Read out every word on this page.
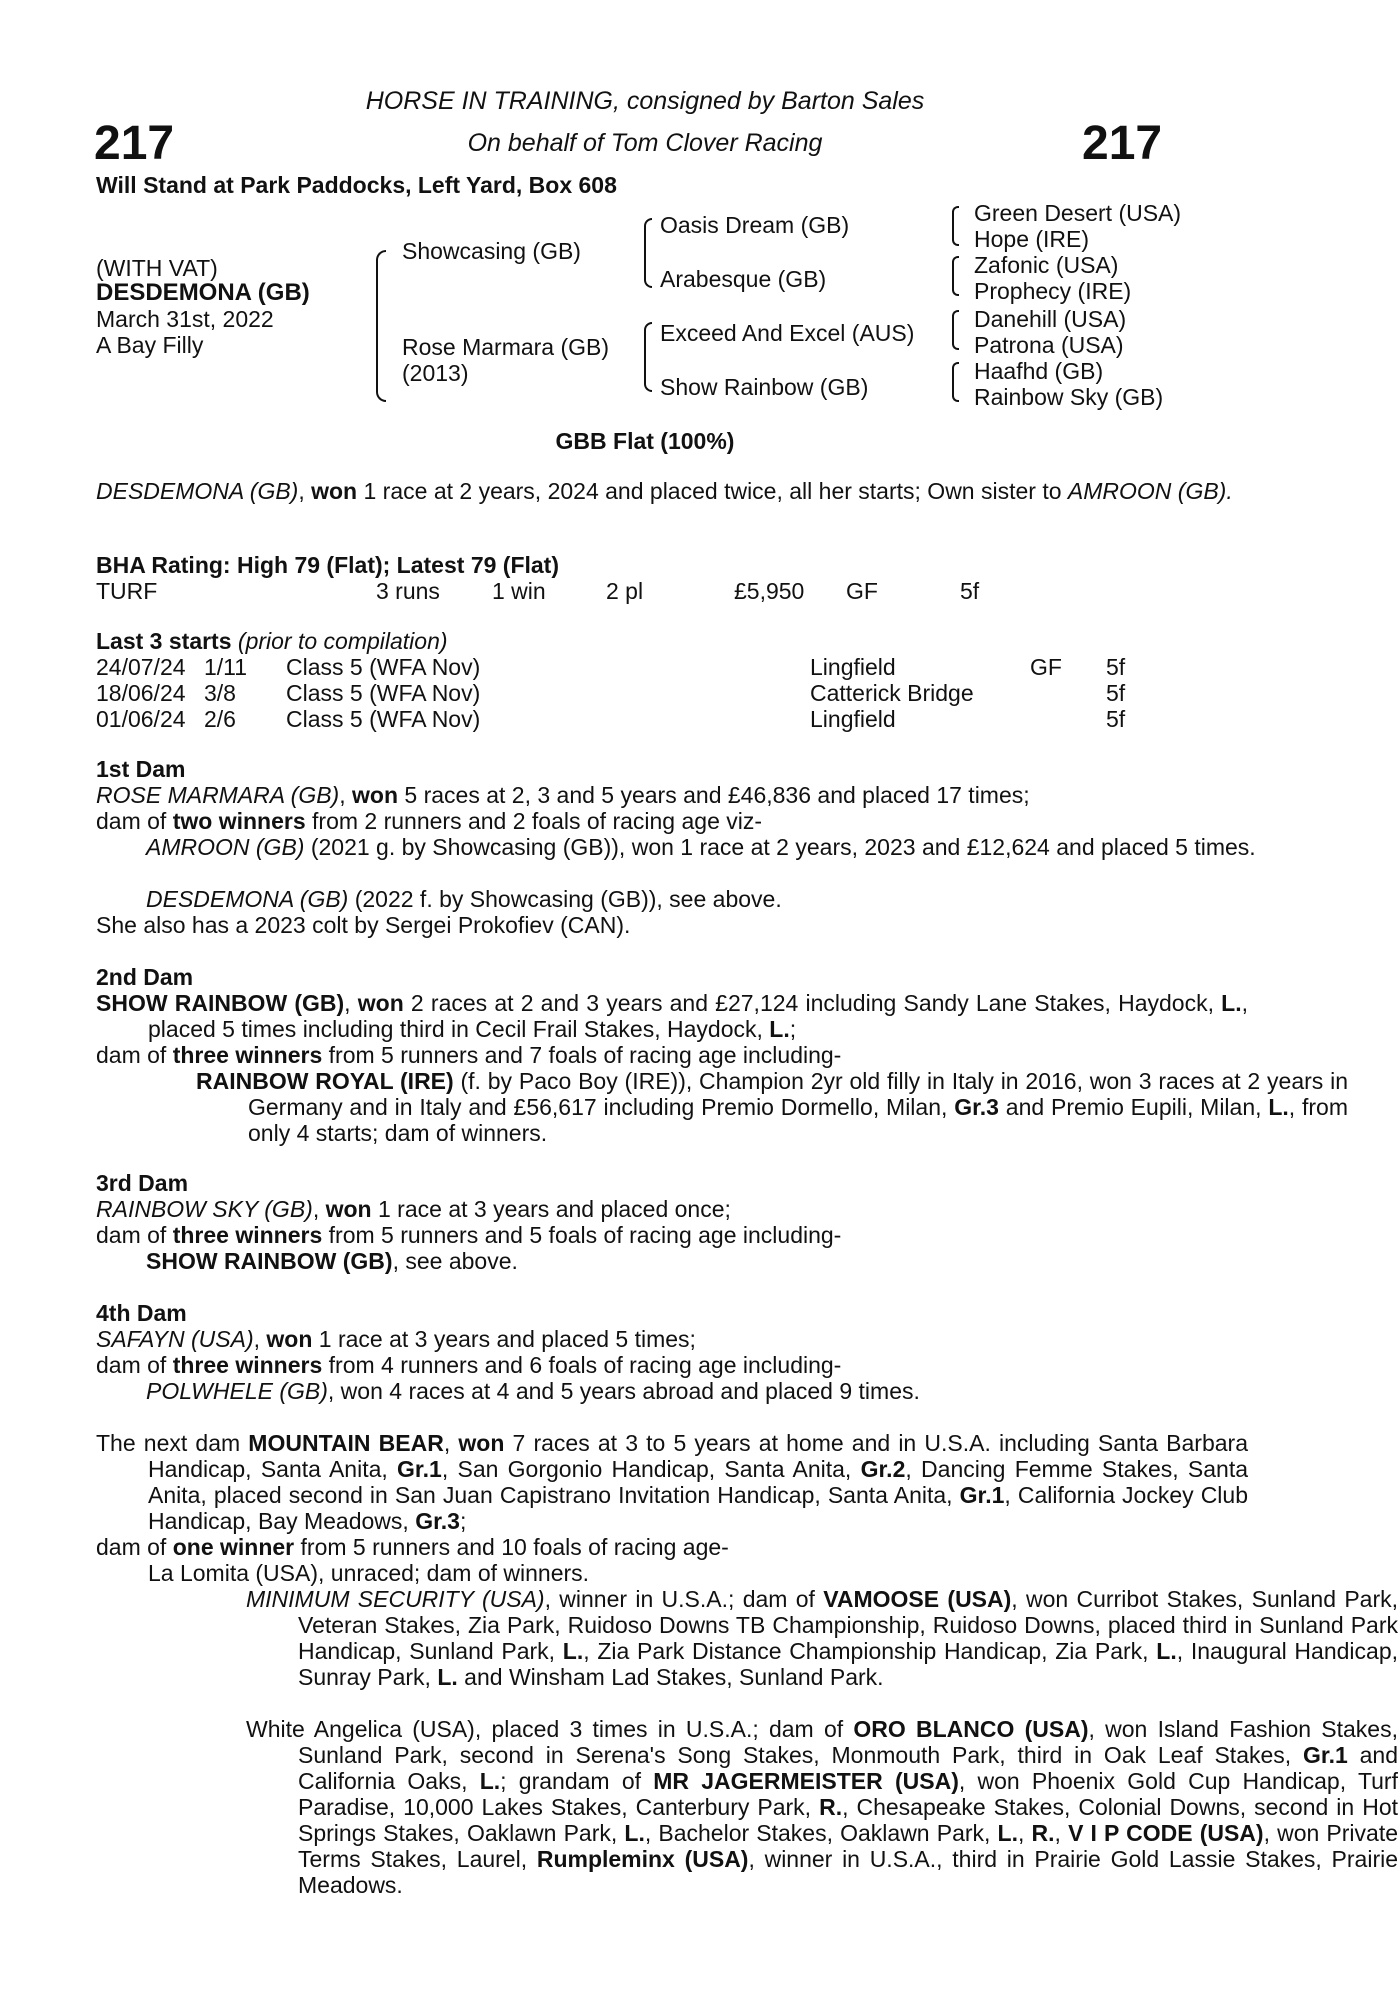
217	217
HORSE IN TRAINING, consigned by Barton Sales
On behalf of Tom Clover Racing
Will Stand at Park Paddocks, Left Yard, Box 608
(WITH VAT)
DESDEMONA (GB)
March 31st, 2022
A Bay Filly
Showcasing (GB)
Rose Marmara (GB)
(2013)
Oasis Dream (GB)
Arabesque (GB)
Exceed And Excel (AUS)
Show Rainbow (GB)
Green Desert (USA)
Hope (IRE)
Zafonic (USA)
Prophecy (IRE)
Danehill (USA)
Patrona (USA)
Haafhd (GB)
Rainbow Sky (GB)
GBB Flat (100%)
DESDEMONA (GB), won 1 race at 2 years, 2024 and placed twice, all her starts; Own sister to AMROON (GB).
BHA Rating: High 79 (Flat); Latest 79 (Flat)
TURF	3 runs 1 win	2 pl	£5,950 GF	5f
Last 3 starts (prior to compilation)
24/07/24 1/11 Class 5 (WFA Nov)	Lingfield	GF 5f
18/06/24 3/8 Class 5 (WFA Nov)	Catterick Bridge	5f
01/06/24 2/6 Class 5 (WFA Nov)	Lingfield	5f
1st Dam
ROSE MARMARA (GB), won 5 races at 2, 3 and 5 years and £46,836 and placed 17 times;
dam of two winners from 2 runners and 2 foals of racing age viz-
AMROON (GB) (2021 g. by Showcasing (GB)), won 1 race at 2 years, 2023 and £12,624 and placed 5 times.
DESDEMONA (GB) (2022 f. by Showcasing (GB)), see above.
She also has a 2023 colt by Sergei Prokofiev (CAN).
2nd Dam
SHOW RAINBOW (GB), won 2 races at 2 and 3 years and £27,124 including Sandy Lane Stakes, Haydock, L., placed 5 times including third in Cecil Frail Stakes, Haydock, L.;
dam of three winners from 5 runners and 7 foals of racing age including-
RAINBOW ROYAL (IRE) (f. by Paco Boy (IRE)), Champion 2yr old filly in Italy in 2016, won 3 races at 2 years in Germany and in Italy and £56,617 including Premio Dormello, Milan, Gr.3 and Premio Eupili, Milan, L., from only 4 starts; dam of winners.
3rd Dam
RAINBOW SKY (GB), won 1 race at 3 years and placed once;
dam of three winners from 5 runners and 5 foals of racing age including-
SHOW RAINBOW (GB), see above.
4th Dam
SAFAYN (USA), won 1 race at 3 years and placed 5 times;
dam of three winners from 4 runners and 6 foals of racing age including-
POLWHELE (GB), won 4 races at 4 and 5 years abroad and placed 9 times.
The next dam MOUNTAIN BEAR, won 7 races at 3 to 5 years at home and in U.S.A. including Santa Barbara Handicap, Santa Anita, Gr.1, San Gorgonio Handicap, Santa Anita, Gr.2, Dancing Femme Stakes, Santa Anita, placed second in San Juan Capistrano Invitation Handicap, Santa Anita, Gr.1, California Jockey Club Handicap, Bay Meadows, Gr.3;
dam of one winner from 5 runners and 10 foals of racing age-
La Lomita (USA), unraced; dam of winners.
MINIMUM SECURITY (USA), winner in U.S.A.; dam of VAMOOSE (USA), won Curribot Stakes, Sunland Park, Veteran Stakes, Zia Park, Ruidoso Downs TB Championship, Ruidoso Downs, placed third in Sunland Park Handicap, Sunland Park, L., Zia Park Distance Championship Handicap, Zia Park, L., Inaugural Handicap, Sunray Park, L. and Winsham Lad Stakes, Sunland Park.
White Angelica (USA), placed 3 times in U.S.A.; dam of ORO BLANCO (USA), won Island Fashion Stakes, Sunland Park, second in Serena's Song Stakes, Monmouth Park, third in Oak Leaf Stakes, Gr.1 and California Oaks, L.; grandam of MR JAGERMEISTER (USA), won Phoenix Gold Cup Handicap, Turf Paradise, 10,000 Lakes Stakes, Canterbury Park, R., Chesapeake Stakes, Colonial Downs, second in Hot Springs Stakes, Oaklawn Park, L., Bachelor Stakes, Oaklawn Park, L., R., V I P CODE (USA), won Private Terms Stakes, Laurel, Rumpleminx (USA), winner in U.S.A., third in Prairie Gold Lassie Stakes, Prairie Meadows.
